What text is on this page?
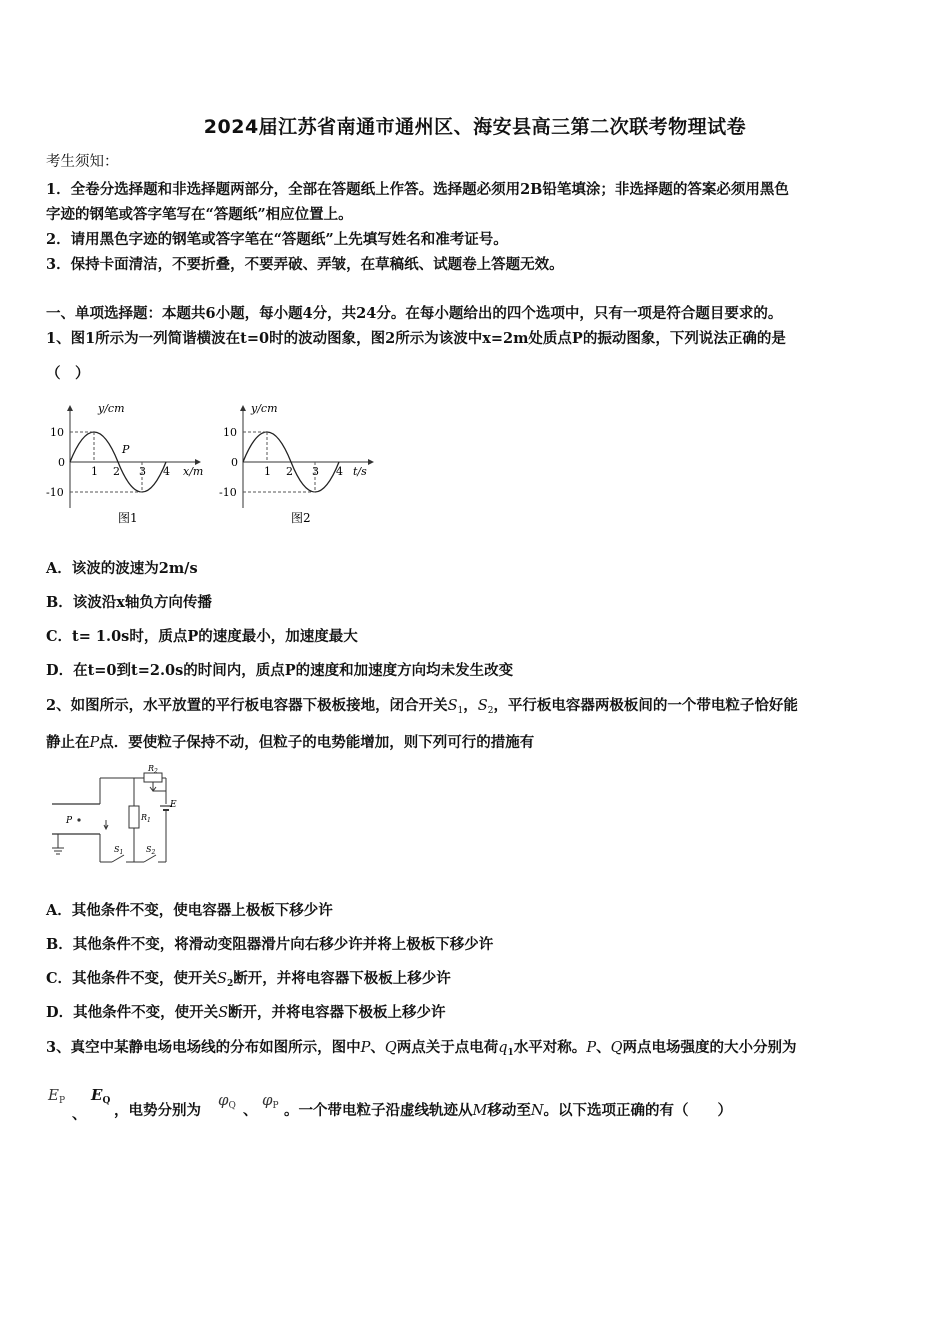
2024届江苏省南通市通州区、海安县高三第二次联考物理试卷
考生须知：
1．全卷分选择题和非选择题两部分，全部在答题纸上作答。选择题必须用2B铅笔填涂；非选择题的答案必须用黑色
字迹的钢笔或答字笔写在“答题纸”相应位置上。
2．请用黑色字迹的钢笔或答字笔在“答题纸”上先填写姓名和准考证号。
3．保持卡面清洁，不要折叠，不要弄破、弄皱，在草稿纸、试题卷上答题无效。
一、单项选择题：本题共6小题，每小题4分，共24分。在每小题给出的四个选项中，只有一项是符合题目要求的。
1、图1所示为一列简谐横波在t=0时的波动图象，图2所示为该波中x=2m处质点P的振动图象，下列说法正确的是
（　）
y/cm
x/m
10
0
-10
1 2 3 4
P
图1
y/cm
t/s
10
0
-10
1 2 3 4
图2
A．该波的波速为2m/s
B．该波沿x轴负方向传播
C．t= 1.0s时，质点P的速度最小，加速度最大
D．在t=0到t=2.0s的时间内，质点P的速度和加速度方向均未发生改变
2、如图所示，水平放置的平行板电容器下极板接地，闭合开关$S_1$，$S_2$，平行板电容器两极板间的一个带电粒子恰好能
静止在P点．要使粒子保持不动，但粒子的电势能增加，则下列可行的措施有
$R_2$
E
$R_1$
P
$S_1$	$S_2$
A．其他条件不变，使电容器上极板下移少许
B．其他条件不变，将滑动变阻器滑片向右移少许并将上极板下移少许
C．其他条件不变，使开关$S_2$断开，并将电容器下极板上移少许
D．其他条件不变，使开关S断开，并将电容器下极板上移少许
3、真空中某静电场电场线的分布如图所示，图中P、Q两点关于点电荷$q_1$水平对称。P、Q两点电场强度的大小分别为
$E_P$
、
$E_Q$
，电势分别为
$\varphi_Q$ 、
$\varphi_P$ 。一个带电粒子沿虚线轨迹从M移动至N。以下选项正确的有（　　）
